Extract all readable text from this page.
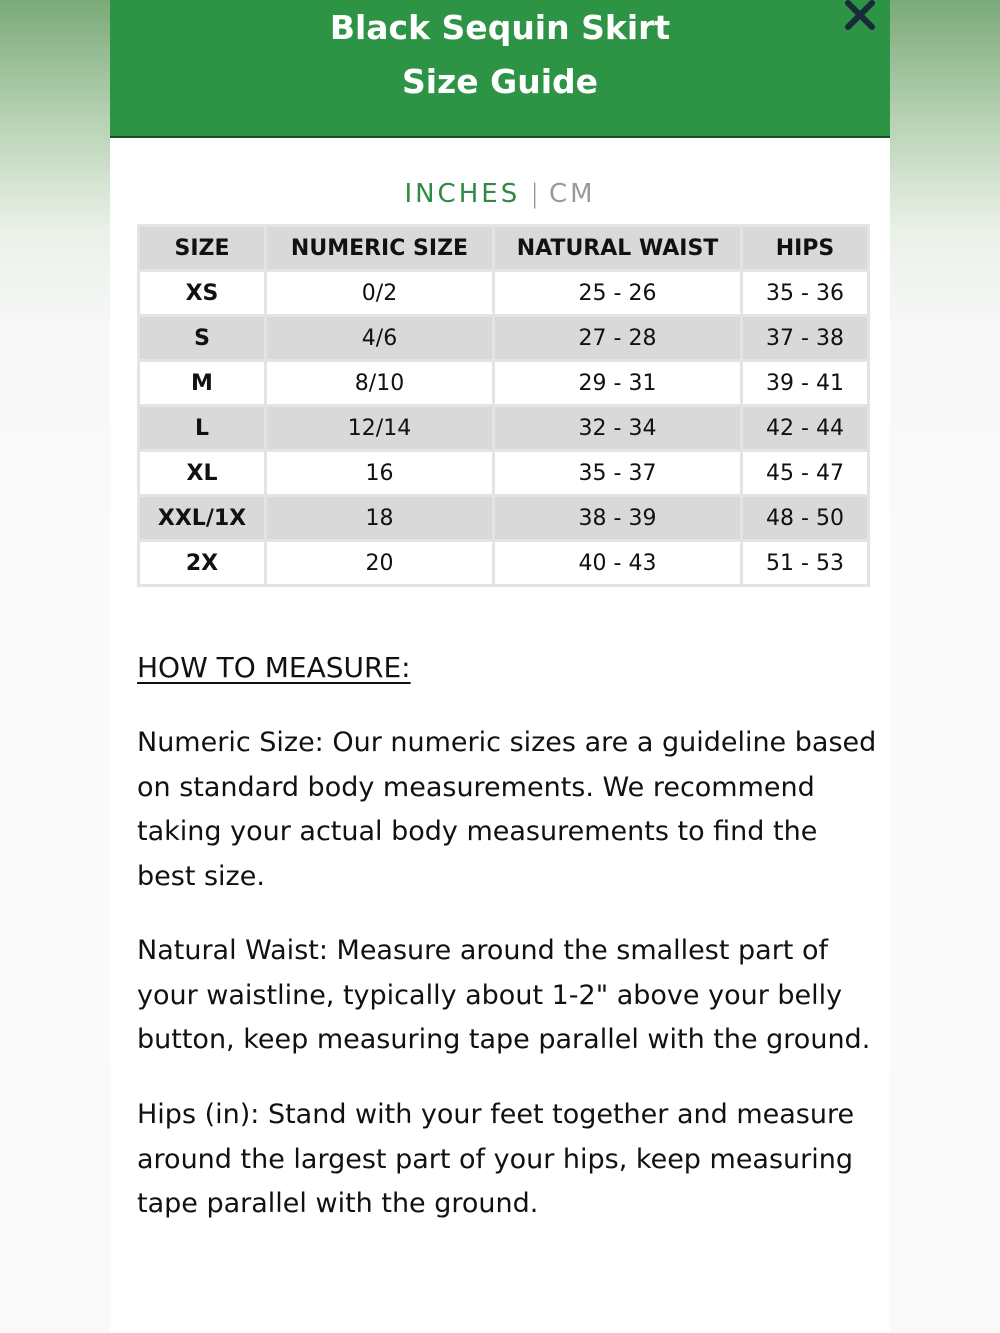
Black Sequin Skirt
Size Guide
INCHES | CM
SIZE	NUMERIC SIZE	NATURAL WAIST	HIPS
XS	0/2	25 - 26	35 - 36
S	4/6	27 - 28	37 - 38
M	8/10	29 - 31	39 - 41
L	12/14	32 - 34	42 - 44
XL	16	35 - 37	45 - 47
XXL/1X	18	38 - 39	48 - 50
2X	20	40 - 43	51 - 53
HOW TO MEASURE:
Numeric Size: Our numeric sizes are a guideline based on standard body measurements. We recommend taking your actual body measurements to find the best size.
Natural Waist: Measure around the smallest part of your waistline, typically about 1-2" above your belly button, keep measuring tape parallel with the ground.
Hips (in): Stand with your feet together and measure around the largest part of your hips, keep measuring tape parallel with the ground.
